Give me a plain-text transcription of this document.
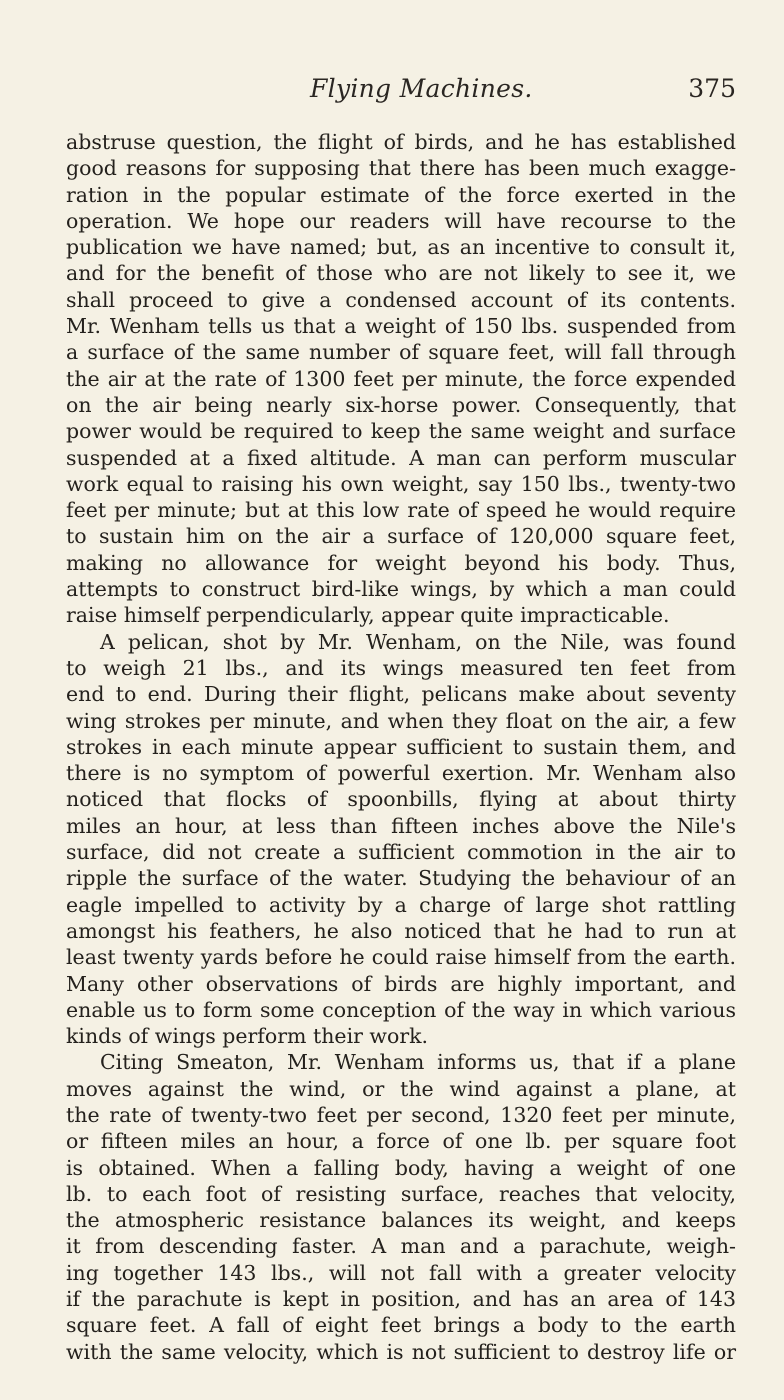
Flying Machines.	375
abstruse question, the flight of birds, and he has established
good reasons for supposing that there has been much exagge-
ration in the popular estimate of the force exerted in the
operation. We hope our readers will have recourse to the
publication we have named; but, as an incentive to consult it,
and for the benefit of those who are not likely to see it, we
shall proceed to give a condensed account of its contents.
Mr. Wenham tells us that a weight of 150 lbs. suspended from
a surface of the same number of square feet, will fall through
the air at the rate of 1300 feet per minute, the force expended
on the air being nearly six-horse power. Consequently, that
power would be required to keep the same weight and surface
suspended at a fixed altitude. A man can perform muscular
work equal to raising his own weight, say 150 lbs., twenty-two
feet per minute; but at this low rate of speed he would require
to sustain him on the air a surface of 120,000 square feet,
making no allowance for weight beyond his body. Thus,
attempts to construct bird-like wings, by which a man could
raise himself perpendicularly, appear quite impracticable.
A pelican, shot by Mr. Wenham, on the Nile, was found
to weigh 21 lbs., and its wings measured ten feet from
end to end. During their flight, pelicans make about seventy
wing strokes per minute, and when they float on the air, a few
strokes in each minute appear sufficient to sustain them, and
there is no symptom of powerful exertion. Mr. Wenham also
noticed that flocks of spoonbills, flying at about thirty
miles an hour, at less than fifteen inches above the Nile's
surface, did not create a sufficient commotion in the air to
ripple the surface of the water. Studying the behaviour of an
eagle impelled to activity by a charge of large shot rattling
amongst his feathers, he also noticed that he had to run at
least twenty yards before he could raise himself from the earth.
Many other observations of birds are highly important, and
enable us to form some conception of the way in which various
kinds of wings perform their work.
Citing Smeaton, Mr. Wenham informs us, that if a plane
moves against the wind, or the wind against a plane, at
the rate of twenty-two feet per second, 1320 feet per minute,
or fifteen miles an hour, a force of one lb. per square foot
is obtained. When a falling body, having a weight of one
lb. to each foot of resisting surface, reaches that velocity,
the atmospheric resistance balances its weight, and keeps
it from descending faster. A man and a parachute, weigh-
ing together 143 lbs., will not fall with a greater velocity
if the parachute is kept in position, and has an area of 143
square feet. A fall of eight feet brings a body to the earth
with the same velocity, which is not sufficient to destroy life or
